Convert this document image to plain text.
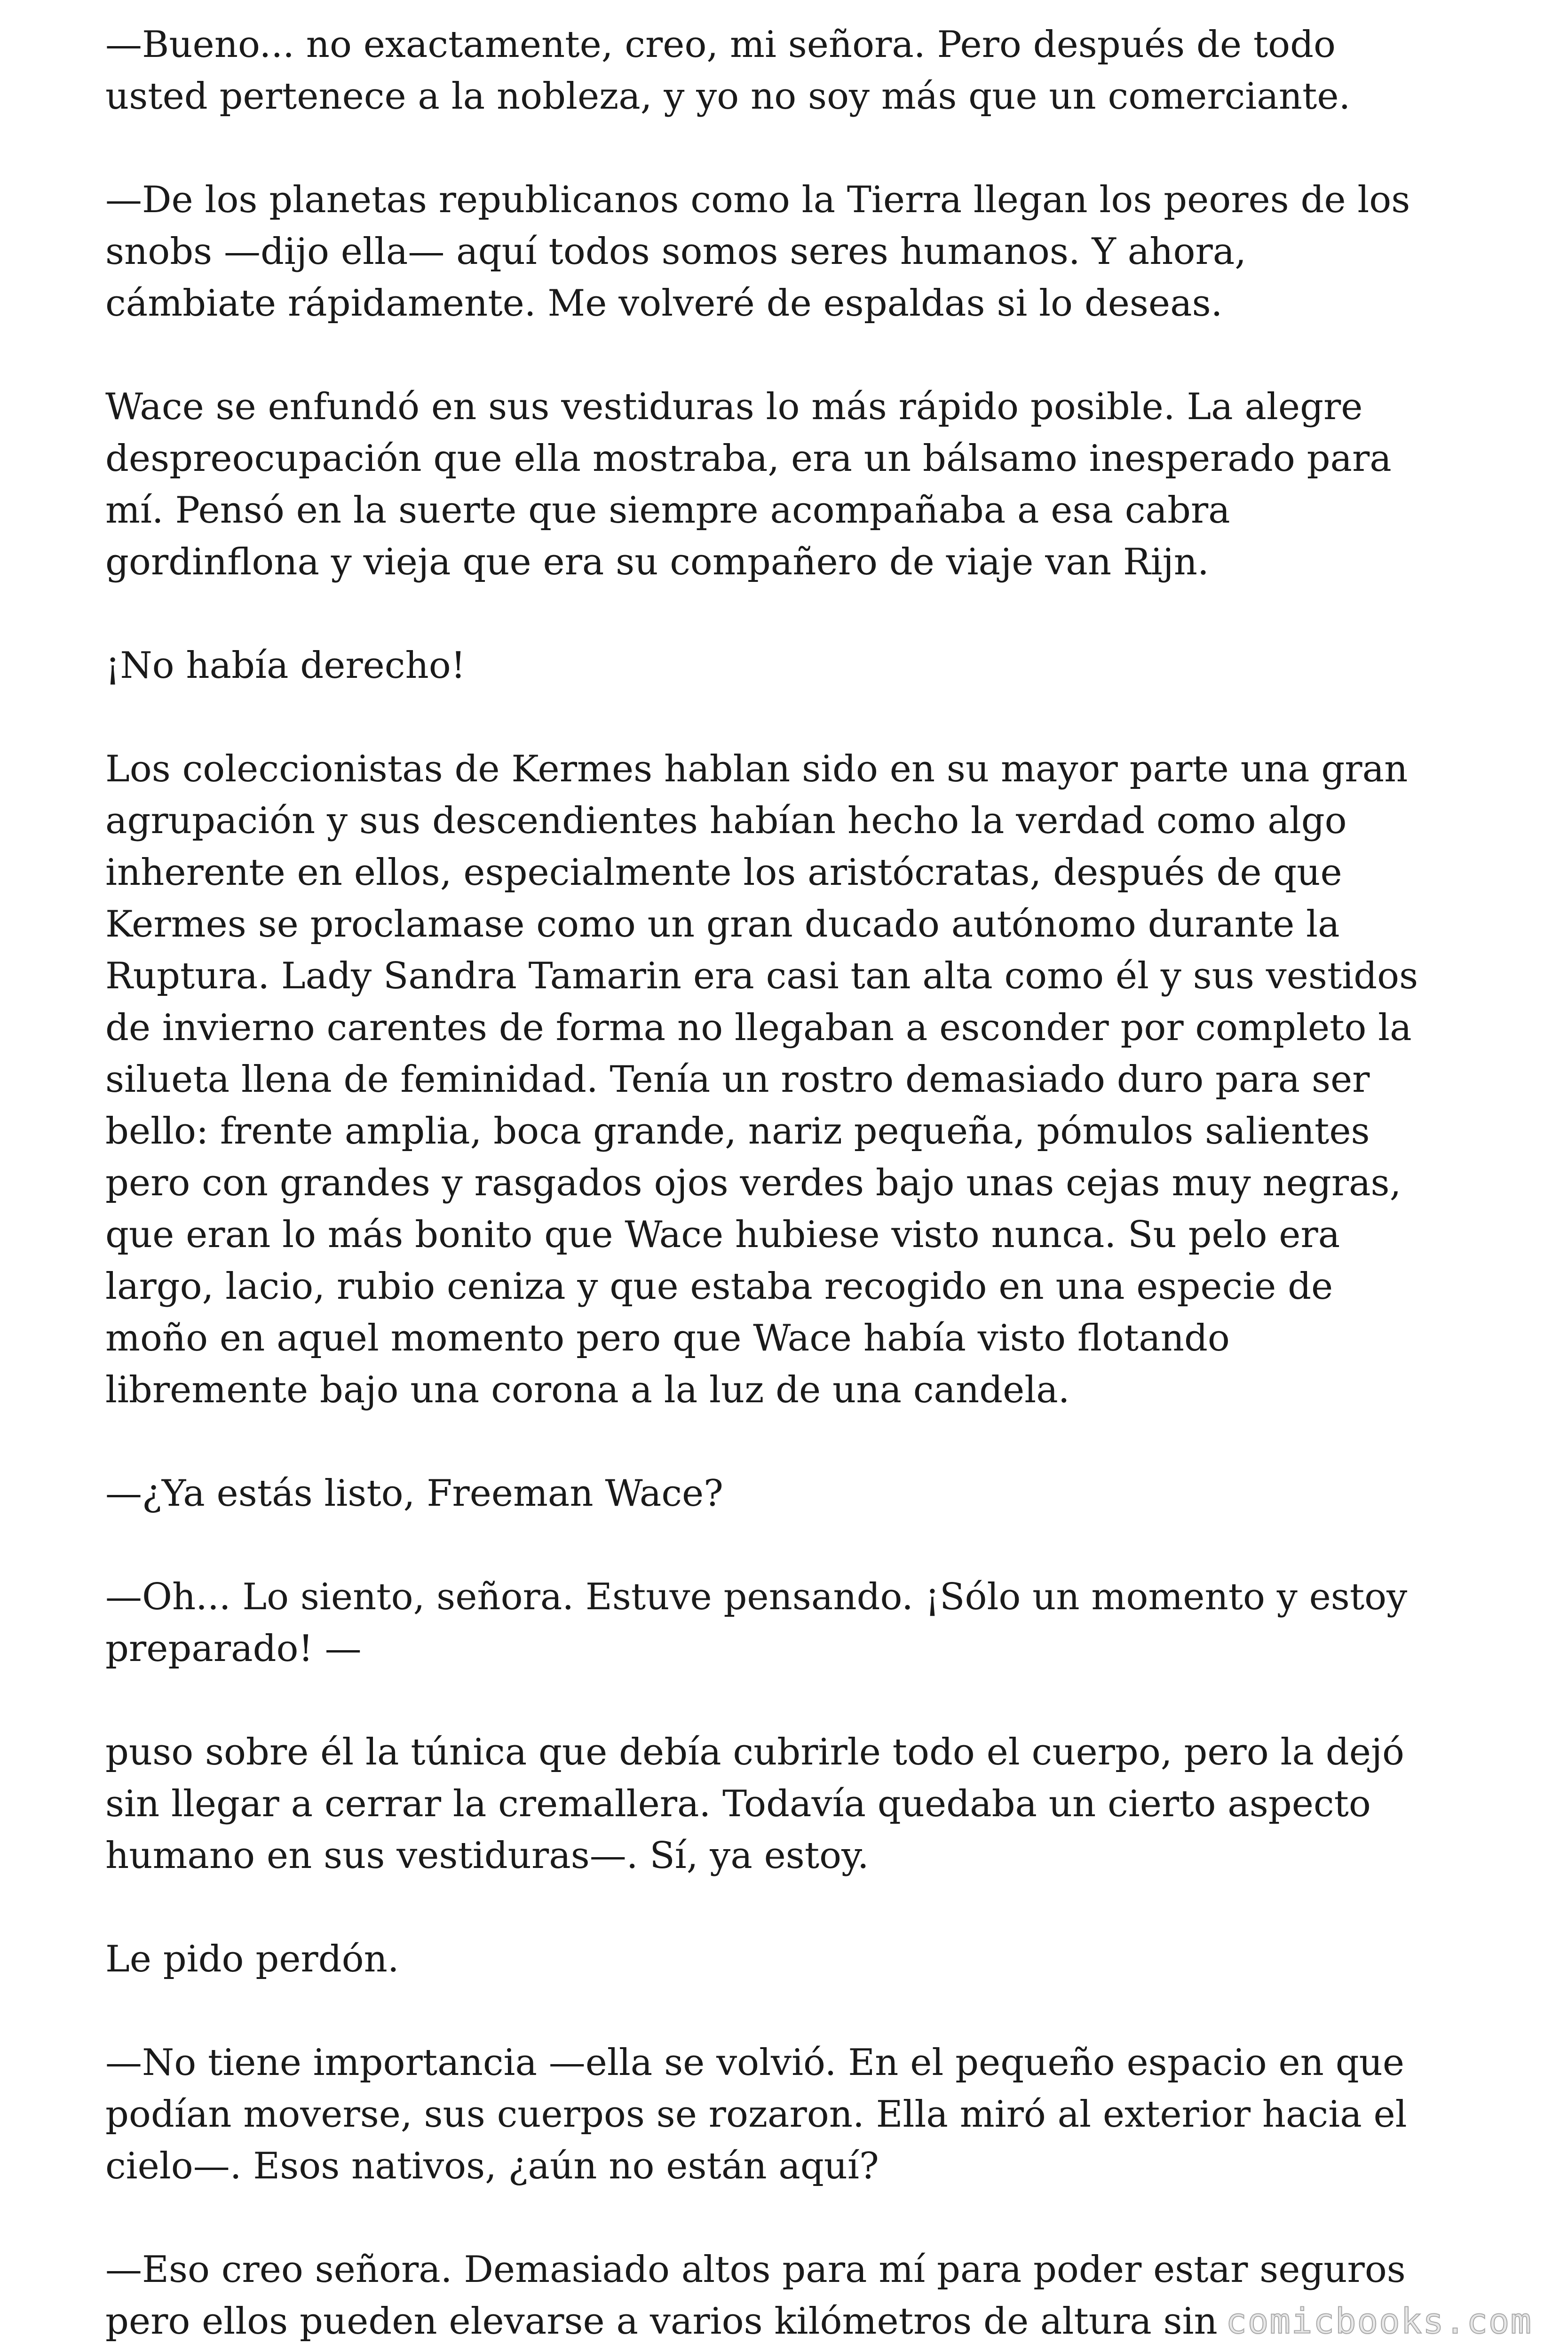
—Bueno... no exactamente, creo, mi señora. Pero después de todo
usted pertenece a la nobleza, y yo no soy más que un comerciante.

—De los planetas republicanos como la Tierra llegan los peores de los
snobs —dijo ella— aquí todos somos seres humanos. Y ahora,
cámbiate rápidamente. Me volveré de espaldas si lo deseas.

Wace se enfundó en sus vestiduras lo más rápido posible. La alegre
despreocupación que ella mostraba, era un bálsamo inesperado para
mí. Pensó en la suerte que siempre acompañaba a esa cabra
gordinflona y vieja que era su compañero de viaje van Rijn.

¡No había derecho!

Los coleccionistas de Kermes hablan sido en su mayor parte una gran
agrupación y sus descendientes habían hecho la verdad como algo
inherente en ellos, especialmente los aristócratas, después de que
Kermes se proclamase como un gran ducado autónomo durante la
Ruptura. Lady Sandra Tamarin era casi tan alta como él y sus vestidos
de invierno carentes de forma no llegaban a esconder por completo la
silueta llena de feminidad. Tenía un rostro demasiado duro para ser
bello: frente amplia, boca grande, nariz pequeña, pómulos salientes
pero con grandes y rasgados ojos verdes bajo unas cejas muy negras,
que eran lo más bonito que Wace hubiese visto nunca. Su pelo era
largo, lacio, rubio ceniza y que estaba recogido en una especie de
moño en aquel momento pero que Wace había visto flotando
libremente bajo una corona a la luz de una candela.

—¿Ya estás listo, Freeman Wace?

—Oh... Lo siento, señora. Estuve pensando. ¡Sólo un momento y estoy
preparado! —

puso sobre él la túnica que debía cubrirle todo el cuerpo, pero la dejó
sin llegar a cerrar la cremallera. Todavía quedaba un cierto aspecto
humano en sus vestiduras—. Sí, ya estoy.

Le pido perdón.

—No tiene importancia —ella se volvió. En el pequeño espacio en que
podían moverse, sus cuerpos se rozaron. Ella miró al exterior hacia el
cielo—. Esos nativos, ¿aún no están aquí?

—Eso creo señora. Demasiado altos para mí para poder estar seguros
pero ellos pueden elevarse a varios kilómetros de altura sin comicbooks.com
